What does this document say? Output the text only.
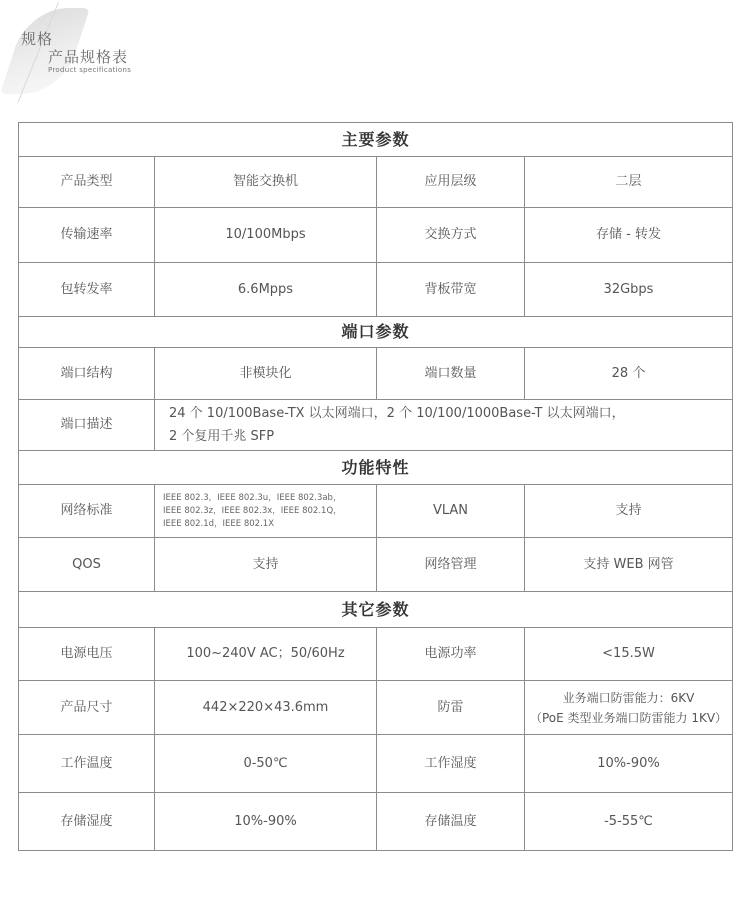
规格
产品规格表
Product specifications
主要参数			
产品类型	智能交换机	应用层级	二层
传输速率	10/100Mbps	交换方式	存储 - 转发
包转发率	6.6Mpps	背板带宽	32Gbps
端口参数			
端口结构	非模块化	端口数量	28 个
端口描述	24 个 10/100Base-TX 以太网端口，2 个 10/100/1000Base-T 以太网端口，
2 个复用千兆 SFP		

功能特性			
网络标准	IEEE 802.3，IEEE 802.3u，IEEE 802.3ab，
IEEE 802.3z，IEEE 802.3x，IEEE 802.1Q，
IEEE 802.1d，IEEE 802.1X	VLAN	支持
QOS	支持	网络管理	支持 WEB 网管
其它参数			
电源电压	100~240V AC；50/60Hz	电源功率	<15.5W
产品尺寸	442×220×43.6mm	防雷	业务端口防雷能力：6KV
（PoE 类型业务端口防雷能力 1KV）

工作温度	0-50℃	工作湿度	10%-90%
存储湿度	10%-90%	存储温度	-5-55℃
